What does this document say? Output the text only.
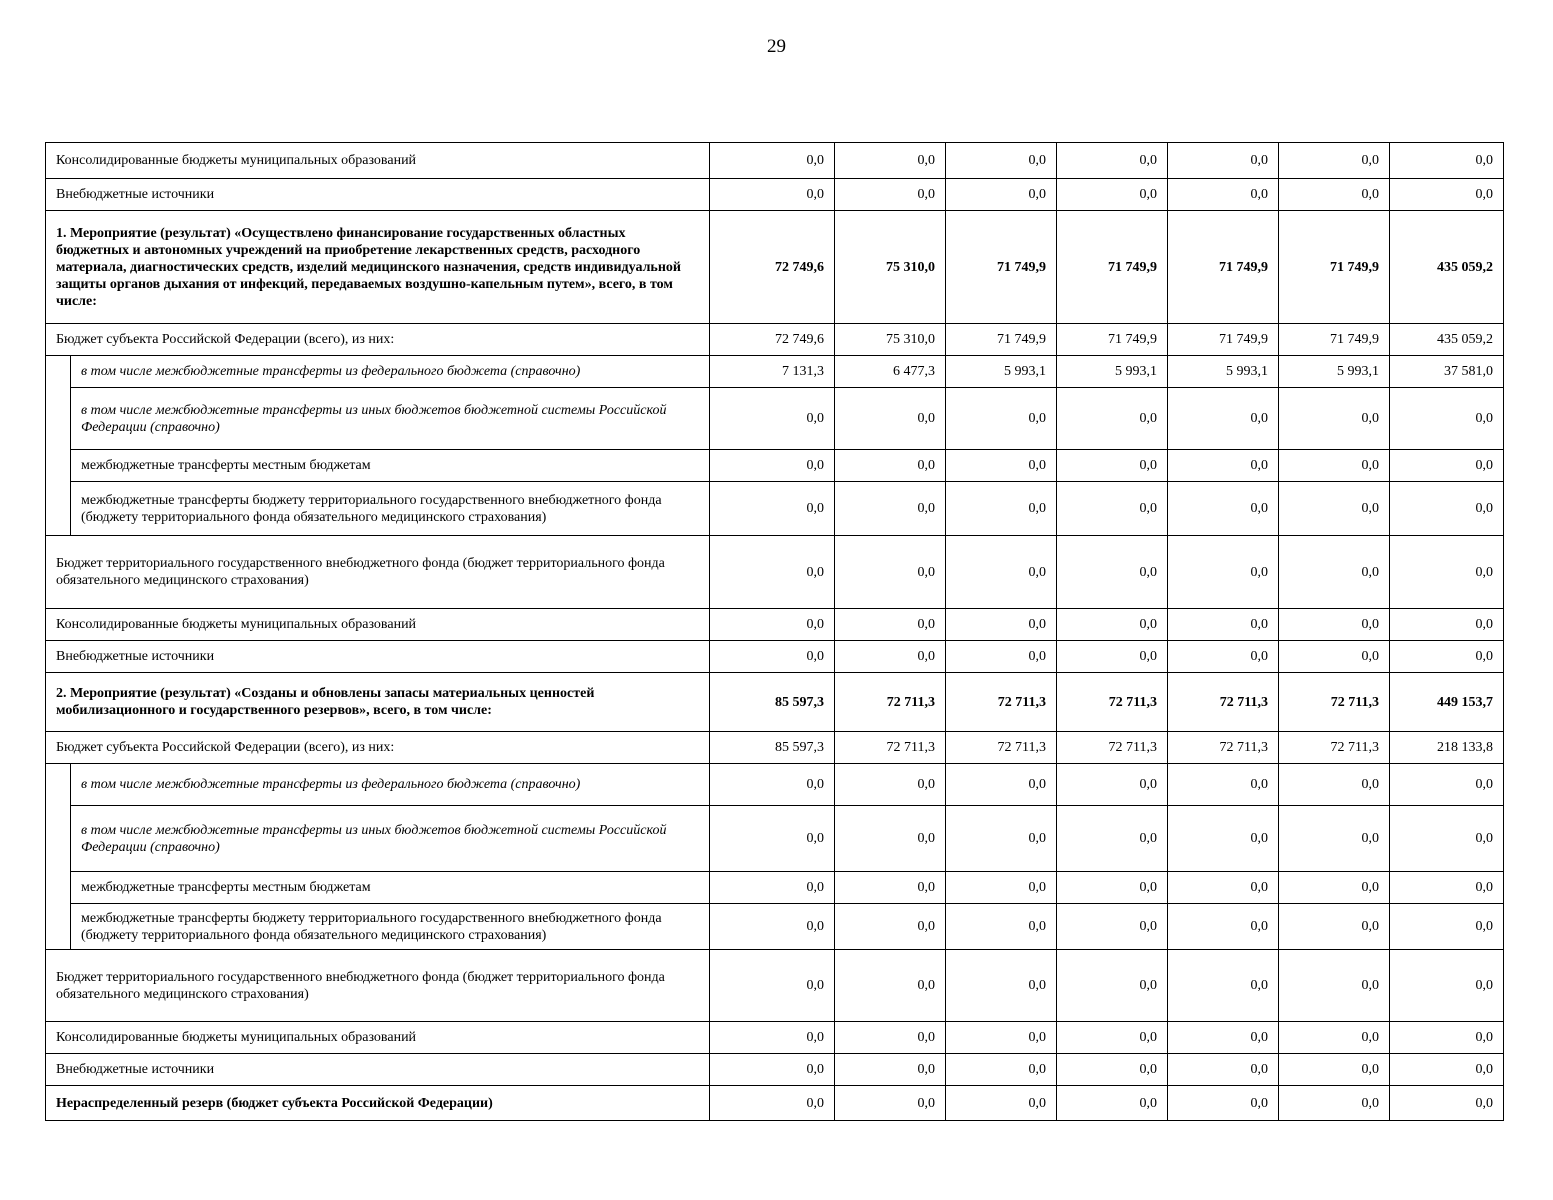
29
Консолидированные бюджеты муниципальных образований		0,0	0,0	0,0	0,0	0,0	0,0	0,0
Внебюджетные источники		0,0	0,0	0,0	0,0	0,0	0,0	0,0
1. Мероприятие (результат) «Осуществлено финансирование государственных областных бюджетных и автономных учреждений на приобретение лекарственных средств, расходного материала, диагностических средств, изделий медицинского назначения, средств индивидуальной защиты органов дыхания от инфекций, передаваемых воздушно-капельным путем», всего, в том числе:		72 749,6	75 310,0	71 749,9	71 749,9	71 749,9	71 749,9	435 059,2
Бюджет субъекта Российской Федерации (всего), из них:		72 749,6	75 310,0	71 749,9	71 749,9	71 749,9	71 749,9	435 059,2
	в том числе межбюджетные трансферты из федерального бюджета (справочно)	7 131,3	6 477,3	5 993,1	5 993,1	5 993,1	5 993,1	37 581,0
	в том числе межбюджетные трансферты из иных бюджетов бюджетной системы Российской Федерации (справочно)	0,0	0,0	0,0	0,0	0,0	0,0	0,0
	межбюджетные трансферты местным бюджетам	0,0	0,0	0,0	0,0	0,0	0,0	0,0
	межбюджетные трансферты бюджету территориального государственного внебюджетного фонда (бюджету территориального фонда обязательного медицинского страхования)	0,0	0,0	0,0	0,0	0,0	0,0	0,0
Бюджет территориального государственного внебюджетного фонда (бюджет территориального фонда обязательного медицинского страхования)		0,0	0,0	0,0	0,0	0,0	0,0	0,0
Консолидированные бюджеты муниципальных образований		0,0	0,0	0,0	0,0	0,0	0,0	0,0
Внебюджетные источники		0,0	0,0	0,0	0,0	0,0	0,0	0,0
2. Мероприятие (результат) «Созданы и обновлены запасы материальных ценностей мобилизационного и государственного резервов», всего, в том числе:		85 597,3	72 711,3	72 711,3	72 711,3	72 711,3	72 711,3	449 153,7
Бюджет субъекта Российской Федерации (всего), из них:		85 597,3	72 711,3	72 711,3	72 711,3	72 711,3	72 711,3	218 133,8
	в том числе межбюджетные трансферты из федерального бюджета (справочно)	0,0	0,0	0,0	0,0	0,0	0,0	0,0
	в том числе межбюджетные трансферты из иных бюджетов бюджетной системы Российской Федерации (справочно)	0,0	0,0	0,0	0,0	0,0	0,0	0,0
	межбюджетные трансферты местным бюджетам	0,0	0,0	0,0	0,0	0,0	0,0	0,0
	межбюджетные трансферты бюджету территориального государственного внебюджетного фонда (бюджету территориального фонда обязательного медицинского страхования)	0,0	0,0	0,0	0,0	0,0	0,0	0,0
Бюджет территориального государственного внебюджетного фонда (бюджет территориального фонда обязательного медицинского страхования)		0,0	0,0	0,0	0,0	0,0	0,0	0,0
Консолидированные бюджеты муниципальных образований		0,0	0,0	0,0	0,0	0,0	0,0	0,0
Внебюджетные источники		0,0	0,0	0,0	0,0	0,0	0,0	0,0
Нераспределенный резерв (бюджет субъекта Российской Федерации)		0,0	0,0	0,0	0,0	0,0	0,0	0,0
